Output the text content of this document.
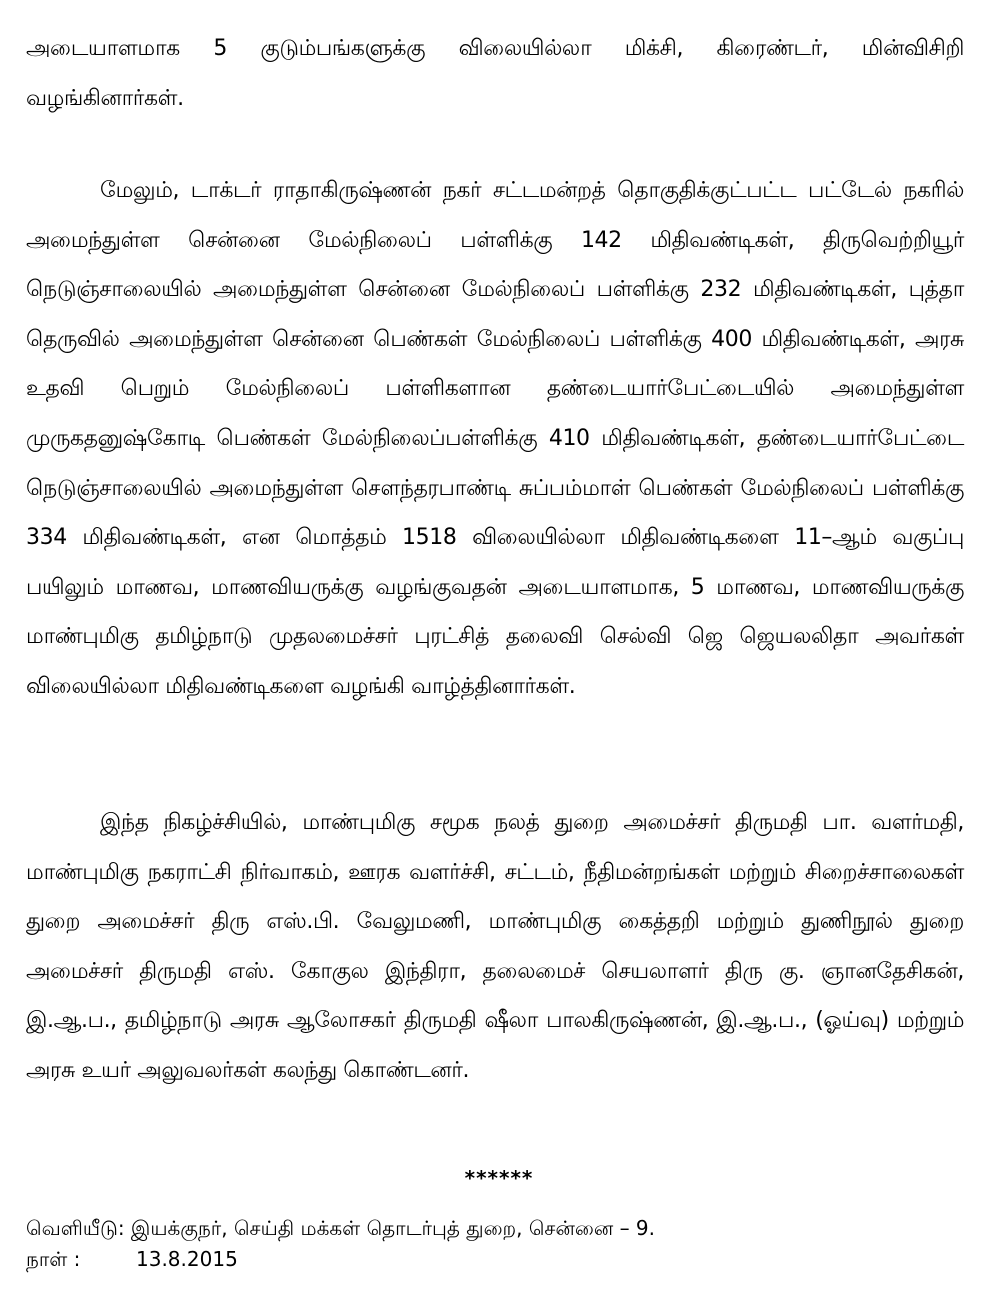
அடையாளமாக 5 குடும்பங்களுக்கு விலையில்லா மிக்சி, கிரைண்டர், மின்விசிறி வழங்கினார்கள்.

மேலும், டாக்டர் ராதாகிருஷ்ணன் நகர் சட்டமன்றத் தொகுதிக்குட்பட்ட பட்டேல் நகரில் அமைந்துள்ள சென்னை மேல்நிலைப் பள்ளிக்கு 142 மிதிவண்டிகள், திருவெற்றியூர் நெடுஞ்சாலையில் அமைந்துள்ள சென்னை மேல்நிலைப் பள்ளிக்கு 232 மிதிவண்டிகள், புத்தா தெருவில் அமைந்துள்ள சென்னை பெண்கள் மேல்நிலைப் பள்ளிக்கு 400 மிதிவண்டிகள், அரசு உதவி பெறும் மேல்நிலைப் பள்ளிகளான தண்டையார்பேட்டையில் அமைந்துள்ள முருகதனுஷ்கோடி பெண்கள் மேல்நிலைப்பள்ளிக்கு 410 மிதிவண்டிகள், தண்டையார்பேட்டை நெடுஞ்சாலையில் அமைந்துள்ள சௌந்தரபாண்டி சுப்பம்மாள் பெண்கள் மேல்நிலைப் பள்ளிக்கு 334 மிதிவண்டிகள், என மொத்தம் 1518 விலையில்லா மிதிவண்டிகளை 11–ஆம் வகுப்பு பயிலும் மாணவ, மாணவியருக்கு வழங்குவதன் அடையாளமாக, 5 மாணவ, மாணவியருக்கு மாண்புமிகு தமிழ்நாடு முதலமைச்சர் புரட்சித் தலைவி செல்வி ஜெ ஜெயலலிதா அவர்கள் விலையில்லா மிதிவண்டிகளை வழங்கி வாழ்த்தினார்கள்.

இந்த நிகழ்ச்சியில், மாண்புமிகு சமூக நலத் துறை அமைச்சர் திருமதி பா. வளர்மதி, மாண்புமிகு நகராட்சி நிர்வாகம், ஊரக வளர்ச்சி, சட்டம், நீதிமன்றங்கள் மற்றும் சிறைச்சாலைகள் துறை அமைச்சர் திரு எஸ்.பி. வேலுமணி, மாண்புமிகு கைத்தறி மற்றும் துணிநூல் துறை அமைச்சர் திருமதி எஸ். கோகுல இந்திரா, தலைமைச் செயலாளர் திரு கு. ஞானதேசிகன், இ.ஆ.ப., தமிழ்நாடு அரசு ஆலோசகர் திருமதி ஷீலா பாலகிருஷ்ணன், இ.ஆ.ப., (ஓய்வு) மற்றும் அரசு உயர் அலுவலர்கள் கலந்து கொண்டனர்.

******
வெளியீடு: இயக்குநர், செய்தி மக்கள் தொடர்புத் துறை, சென்னை – 9.
நாள் :	13.8.2015
